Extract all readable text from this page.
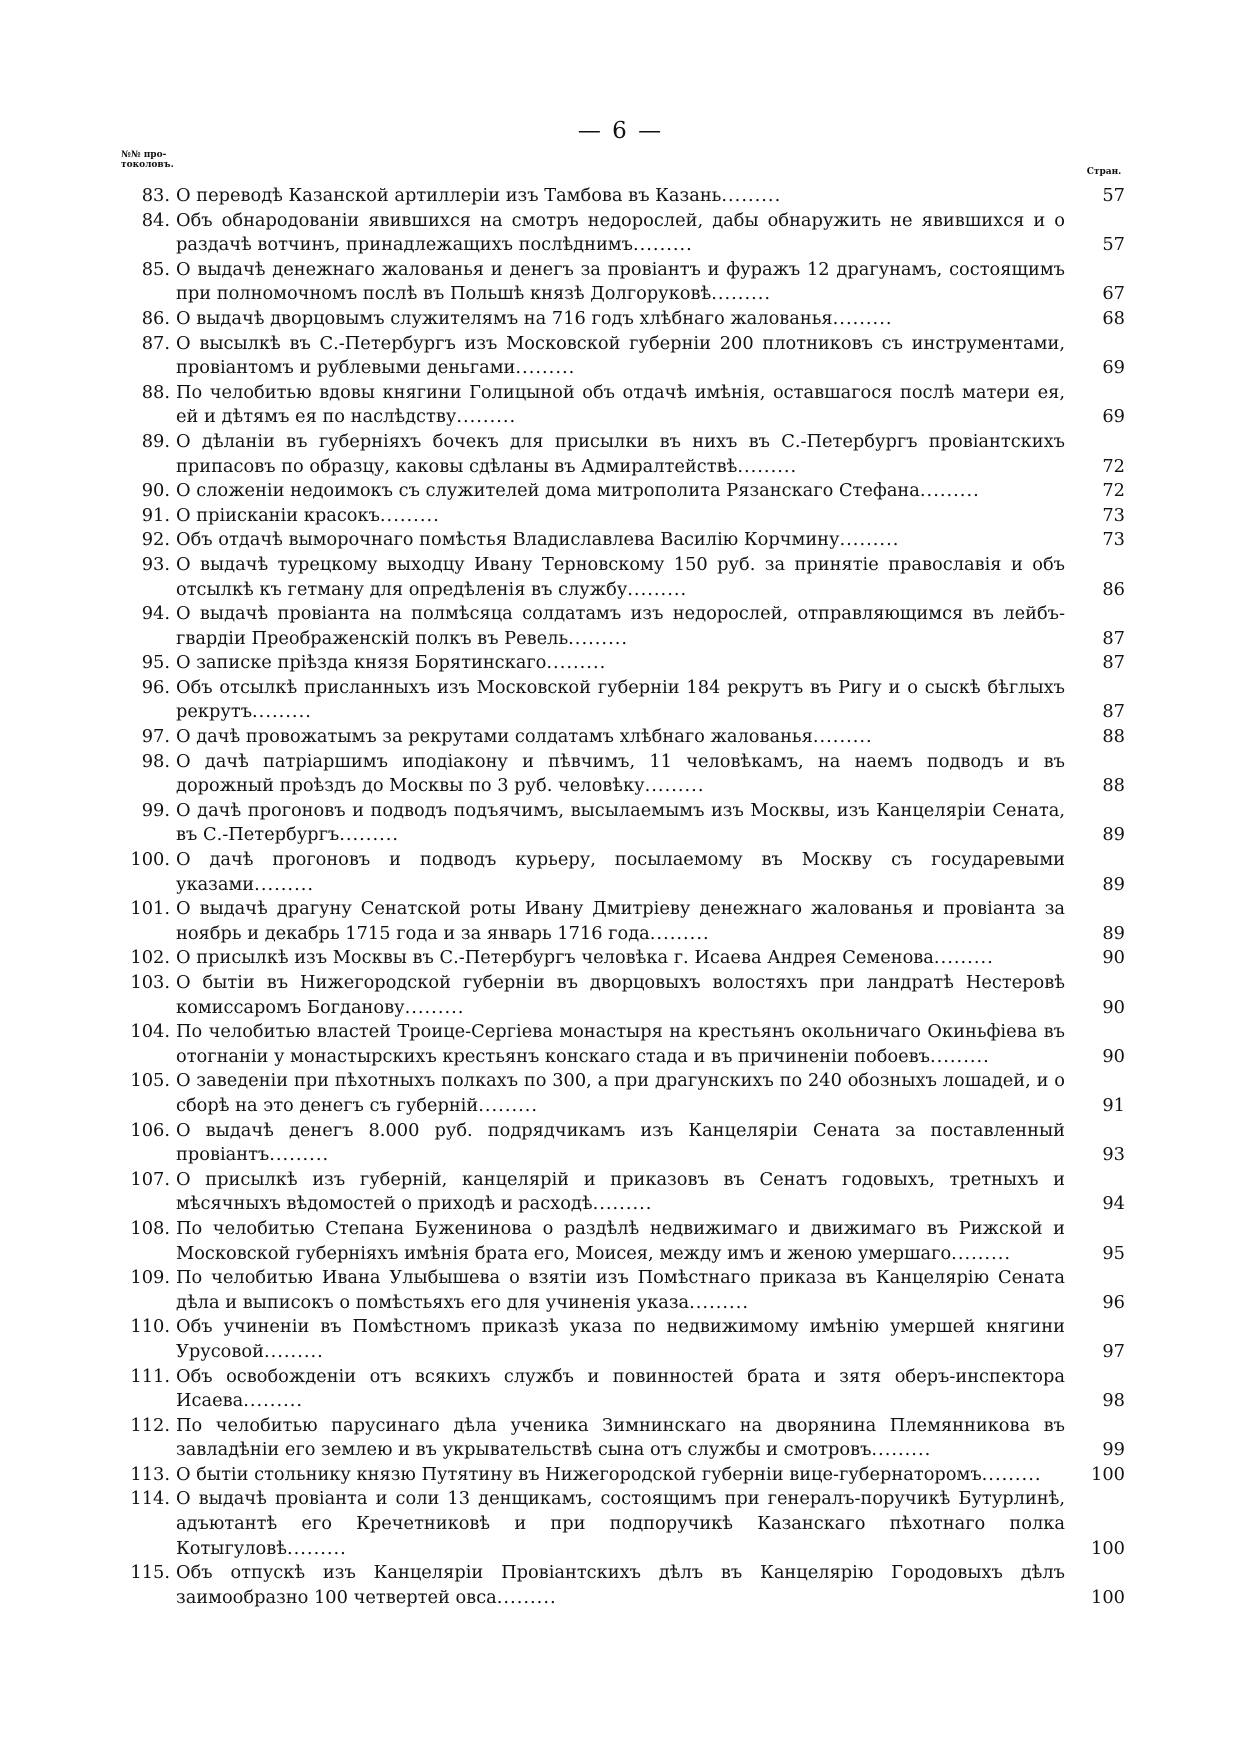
— 6 —
№№ про-
токоловъ.
Стран.
83. О переводѣ Казанской артиллеріи изъ Тамбова въ Казань.........	57
84. Объ обнародованіи явившихся на смотръ недорослей, дабы обнаружить не явившихся и о раздачѣ вотчинъ, принадлежащихъ послѣднимъ.........	57
85. О выдачѣ денежнаго жалованья и денегъ за провіантъ и фуражъ 12 драгунамъ, состоящимъ при полномочномъ послѣ въ Польшѣ князѣ Долгоруковѣ.........	67
86. О выдачѣ дворцовымъ служителямъ на 716 годъ хлѣбнаго жалованья.........	68
87. О высылкѣ въ С.-Петербургъ изъ Московской губерніи 200 плотниковъ съ инструментами, провіантомъ и рублевыми деньгами.........	69
88. По челобитью вдовы княгини Голицыной объ отдачѣ имѣнія, оставшагося послѣ матери ея, ей и дѣтямъ ея по наслѣдству.........	69
89. О дѣланіи въ губерніяхъ бочекъ для присылки въ нихъ въ С.-Петербургъ провіантскихъ припасовъ по образцу, каковы сдѣланы въ Адмиралтействѣ.........	72
90. О сложеніи недоимокъ съ служителей дома митрополита Рязанскаго Стефана.........	72
91. О пріисканіи красокъ.........	73
92. Объ отдачѣ выморочнаго помѣстья Владиславлева Василію Корчмину.........	73
93. О выдачѣ турецкому выходцу Ивану Терновскому 150 руб. за принятіе православія и объ отсылкѣ къ гетману для опредѣленія въ службу.........	86
94. О выдачѣ провіанта на полмѣсяца солдатамъ изъ недорослей, отправляющимся въ лейбъ-гвардіи Преображенскій полкъ въ Ревель.........	87
95. О записке пріѣзда князя Борятинскаго.........	87
96. Объ отсылкѣ присланныхъ изъ Московской губерніи 184 рекрутъ въ Ригу и о сыскѣ бѣглыхъ рекрутъ.........	87
97. О дачѣ провожатымъ за рекрутами солдатамъ хлѣбнаго жалованья.........	88
98. О дачѣ патріаршимъ иподіакону и пѣвчимъ, 11 человѣкамъ, на наемъ подводъ и въ дорожный проѣздъ до Москвы по 3 руб. человѣку.........	88
99. О дачѣ прогоновъ и подводъ подъячимъ, высылаемымъ изъ Москвы, изъ Канцеляріи Сената, въ С.-Петербургъ.........	89
100. О дачѣ прогоновъ и подводъ курьеру, посылаемому въ Москву съ государевыми указами.........	89
101. О выдачѣ драгуну Сенатской роты Ивану Дмитріеву денежнаго жалованья и провіанта за ноябрь и декабрь 1715 года и за январь 1716 года.........	89
102. О присылкѣ изъ Москвы въ С.-Петербургъ человѣка г. Исаева Андрея Семенова.........	90
103. О бытіи въ Нижегородской губерніи въ дворцовыхъ волостяхъ при ландратѣ Нестеровѣ комиссаромъ Богданову.........	90
104. По челобитью властей Троице-Сергіева монастыря на крестьянъ окольничаго Окиньфіева въ отогнаніи у монастырскихъ крестьянъ конскаго стада и въ причиненіи побоевъ.........	90
105. О заведеніи при пѣхотныхъ полкахъ по 300, а при драгунскихъ по 240 обозныхъ лошадей, и о сборѣ на это денегъ съ губерній.........	91
106. О выдачѣ денегъ 8.000 руб. подрядчикамъ изъ Канцеляріи Сената за поставленный провіантъ.........	93
107. О присылкѣ изъ губерній, канцелярій и приказовъ въ Сенатъ годовыхъ, третныхъ и мѣсячныхъ вѣдомостей о приходѣ и расходѣ.........	94
108. По челобитью Степана Буженинова о раздѣлѣ недвижимаго и движимаго въ Рижской и Московской губерніяхъ имѣнія брата его, Моисея, между имъ и женою умершаго.........	95
109. По челобитью Ивана Улыбышева о взятіи изъ Помѣстнаго приказа въ Канцелярію Сената дѣла и выписокъ о помѣстьяхъ его для учиненія указа.........	96
110. Объ учиненіи въ Помѣстномъ приказѣ указа по недвижимому имѣнію умершей княгини Урусовой.........	97
111. Объ освобожденіи отъ всякихъ службъ и повинностей брата и зятя оберъ-инспектора Исаева.........	98
112. По челобитью парусинаго дѣла ученика Зимнинскаго на дворянина Племянникова въ завладѣніи его землею и въ укрывательствѣ сына отъ службы и смотровъ.........	99
113. О бытіи стольнику князю Путятину въ Нижегородской губерніи вице-губернаторомъ.........	100
114. О выдачѣ провіанта и соли 13 денщикамъ, состоящимъ при генералъ-поручикѣ Бутурлинѣ, адъютантѣ его Кречетниковѣ и при подпоручикѣ Казанскаго пѣхотнаго полка Котыгуловѣ.........	100
115. Объ отпускѣ изъ Канцеляріи Провіантскихъ дѣлъ въ Канцелярію Городовыхъ дѣлъ заимообразно 100 четвертей овса.........	100
